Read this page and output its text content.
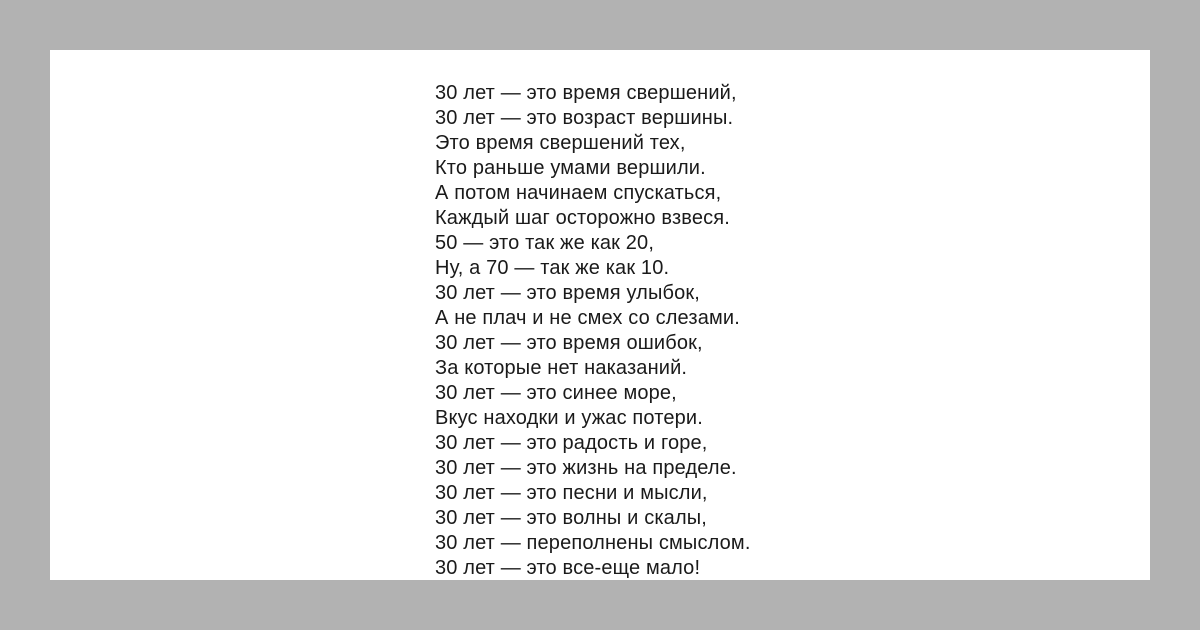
30 лет — это время свершений,
30 лет — это возраст вершины.
Это время свершений тех,
Кто раньше умами вершили.
А потом начинаем спускаться,
Каждый шаг осторожно взвеся.
50 — это так же как 20,
Ну, а 70 — так же как 10.
30 лет — это время улыбок,
А не плач и не смех со слезами.
30 лет — это время ошибок,
За которые нет наказаний.
30 лет — это синее море,
Вкус находки и ужас потери.
30 лет — это радость и горе,
30 лет — это жизнь на пределе.
30 лет — это песни и мысли,
30 лет — это волны и скалы,
30 лет — переполнены смыслом.
30 лет — это все-еще мало!
